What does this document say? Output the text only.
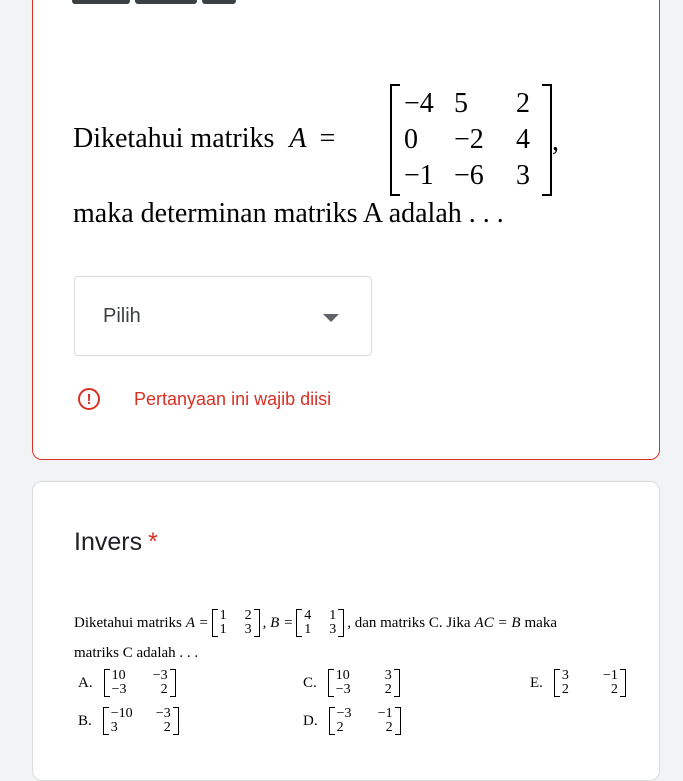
Diketahui matriks A =
−4 5	2
0	−2	4
−1 −6	3
,
maka determinan matriks A adalah . . .
Pilih
!	Pertanyaan ini wajib diisi
Invers *
Diketahui matriks A = 1	2
1	3 , B = 4	1
1	3 , dan matriks C. Jika AC = B maka
matriks C adalah . . .
A. 10	−3
−3	2
B. −10	−3
3	2
C. 10	3
−3	2
D. −3	−1
2	2
E. 3	−1
2	2
